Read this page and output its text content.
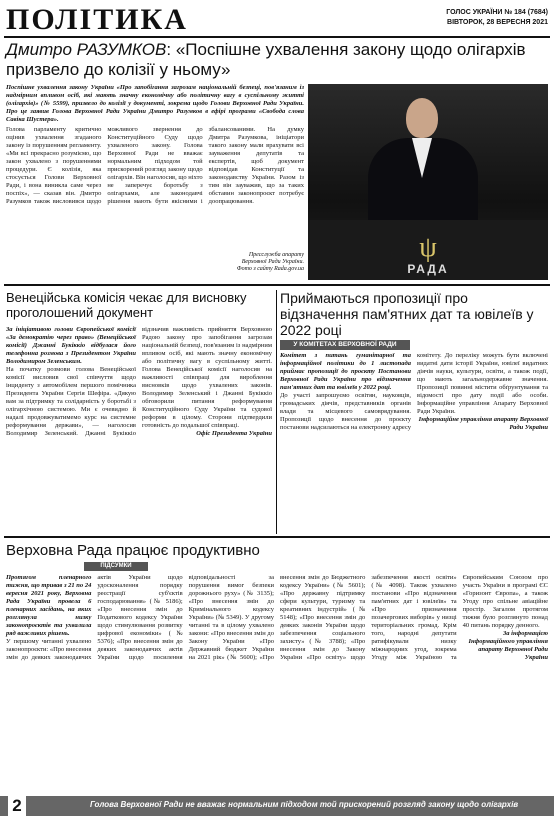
ПОЛІТИКА	ГОЛОС УКРАЇНИ № 184 (7684)
ВІВТОРОК, 28 ВЕРЕСНЯ 2021
Дмитро РАЗУМКОВ: «Поспішне ухвалення закону щодо олігархів призвело до колізії у ньому»

Поспішне ухвалення закону України «Про запобігання загрозам національній безпеці, пов'язаним із надмірним впливом осіб, які мають значну економічну або політичну вагу в суспільному житті (олігархів)» (№ 5599), призвело до колізії у документі, зокрема щодо Голови Верховної Ради України. Про це заявив Голова Верховної Ради України Дмитро Разумков в ефірі програми «Свобода слова Савіка Шустера».

Голова парламенту критично оцінив ухвалення згаданого закону із порушенням регламенту. «Ми всі прекрасно розуміємо, що закон ухвалено з порушеннями процедури. Є колізія, яка стосується Голови Верховної Ради, і вона виникла саме через поспіх», — сказав він. Дмитро Разумков також висловився щодо можливого звернення до Конституційного Суду щодо ухваленого закону. Голова Верховної Ради не вважає нормальним підходом той прискорений розгляд закону щодо олігархів. Він наголосив, що ніхто не заперечує боротьбу з олігархами, але законодавчі рішення мають бути якісними і збалансованими. На думку Дмитра Разумкова, ініціатори такого закону мали врахувати всі зауваження депутатів та експертів, щоб документ відповідав Конституції та законодавству України. Разом із тим він зауважив, що за таких обставин законопроєкт потребує доопрацювання.

Пресслужба апарату Верховної Ради України. Фото з сайту Rada.gov.ua
ψ
РАДА
Венеційська комісія чекає для висновку проголошений документ

За ініціативою голови Європейської комісії «За демократію через право» (Венеційської комісії) Джанні Букіккіо відбулася його телефонна розмова з Президентом України Володимиром Зеленським.

На початку розмови голова Венеційської комісії висловив свої співчуття щодо інциденту з автомобілем першого помічника Президента України Сергія Шефіра. «Дякую вам за підтримку та солідарність у боротьбі з олігархічною системою. Ми є очевидно й надалі продовжуватимемо курс на системне реформування держави», — наголосив Володимир Зеленський. Джанні Букіккіо відзначив важливість прийняття Верховною Радою закону про запобігання загрозам національній безпеці, пов'язаним із надмірним впливом осіб, які мають значну економічну або політичну вагу в суспільному житті. Голова Венеційської комісії наголосив на важливості співпраці для вироблення висновків щодо ухвалених законів. Володимир Зеленський і Джанні Букіккіо обговорили питання реформування Конституційного Суду України та судової реформи в цілому. Сторони підтвердили готовність до подальшої співпраці.

Офіс Президента України

Приймаються пропозиції про відзначення пам'ятних дат та ювілеїв у 2022 році
У КОМІТЕТАХ ВЕРХОВНОЇ РАДИ

Комітет з питань гуманітарної та інформаційної політики до 1 листопада приймає пропозиції до проєкту Постанови Верховної Ради України про відзначення пам'ятних дат та ювілеїв у 2022 році.

До участі запрошуємо освітян, науковців, громадських діячів, представників органів влади та місцевого самоврядування. Пропозиції щодо внесення до проєкту постанови надсилаються на електронну адресу комітету. До переліку можуть бути включені видатні дати історії України, ювілеї видатних діячів науки, культури, освіти, а також події, що мають загальнодержавне значення. Пропозиції повинні містити обґрунтування та відомості про дату події або особи. Інформаційне управління Апарату Верховної Ради України.

Інформаційне управління апарату Верховної Ради України

Верховна Рада працює продуктивно
ПІДСУМКИ

Протягом пленарного тижня, що тривав з 21 по 24 вересня 2021 року, Верховна Рада України провела 6 пленарних засідань, на яких розглянула низку законопроєктів та ухвалила ряд важливих рішень.

У першому читанні ухвалено законопроєкти: «Про внесення змін до деяких законодавчих актів України щодо удосконалення порядку реєстрації суб'єктів господарювання» (№ 5186); «Про внесення змін до Податкового кодексу України щодо стимулювання розвитку цифрової економіки» (№ 5376); «Про внесення змін до деяких законодавчих актів України щодо посилення відповідальності за порушення вимог безпеки дорожнього руху» (№ 3135); «Про внесення змін до Кримінального кодексу України» (№ 5349). У другому читанні та в цілому ухвалено закони: «Про внесення змін до Закону України «Про Державний бюджет України на 2021 рік» (№ 5600); «Про внесення змін до Бюджетного кодексу України» (№ 5601); «Про державну підтримку сфери культури, туризму та креативних індустрій» (№ 5148); «Про внесення змін до деяких законів України щодо забезпечення соціального захисту» (№ 3788); «Про внесення змін до Закону України «Про освіту» щодо забезпечення якості освіти» (№ 4098). Також ухвалено постанови «Про відзначення пам'ятних дат і ювілеїв» та «Про призначення позачергових виборів» у низці територіальних громад. Крім того, народні депутати ратифікували низку міжнародних угод, зокрема Угоду між Україною та Європейським Союзом про участь України в програмі ЄС «Горизонт Європа», а також Угоду про спільне авіаційне простір. Загалом протягом тижня було розглянуто понад 40 питань порядку денного.

За інформацією Інформаційного управління апарату Верховної Ради України

2	Голова Верховної Ради не вважає нормальним підходом той прискорений розгляд закону щодо олігархів
